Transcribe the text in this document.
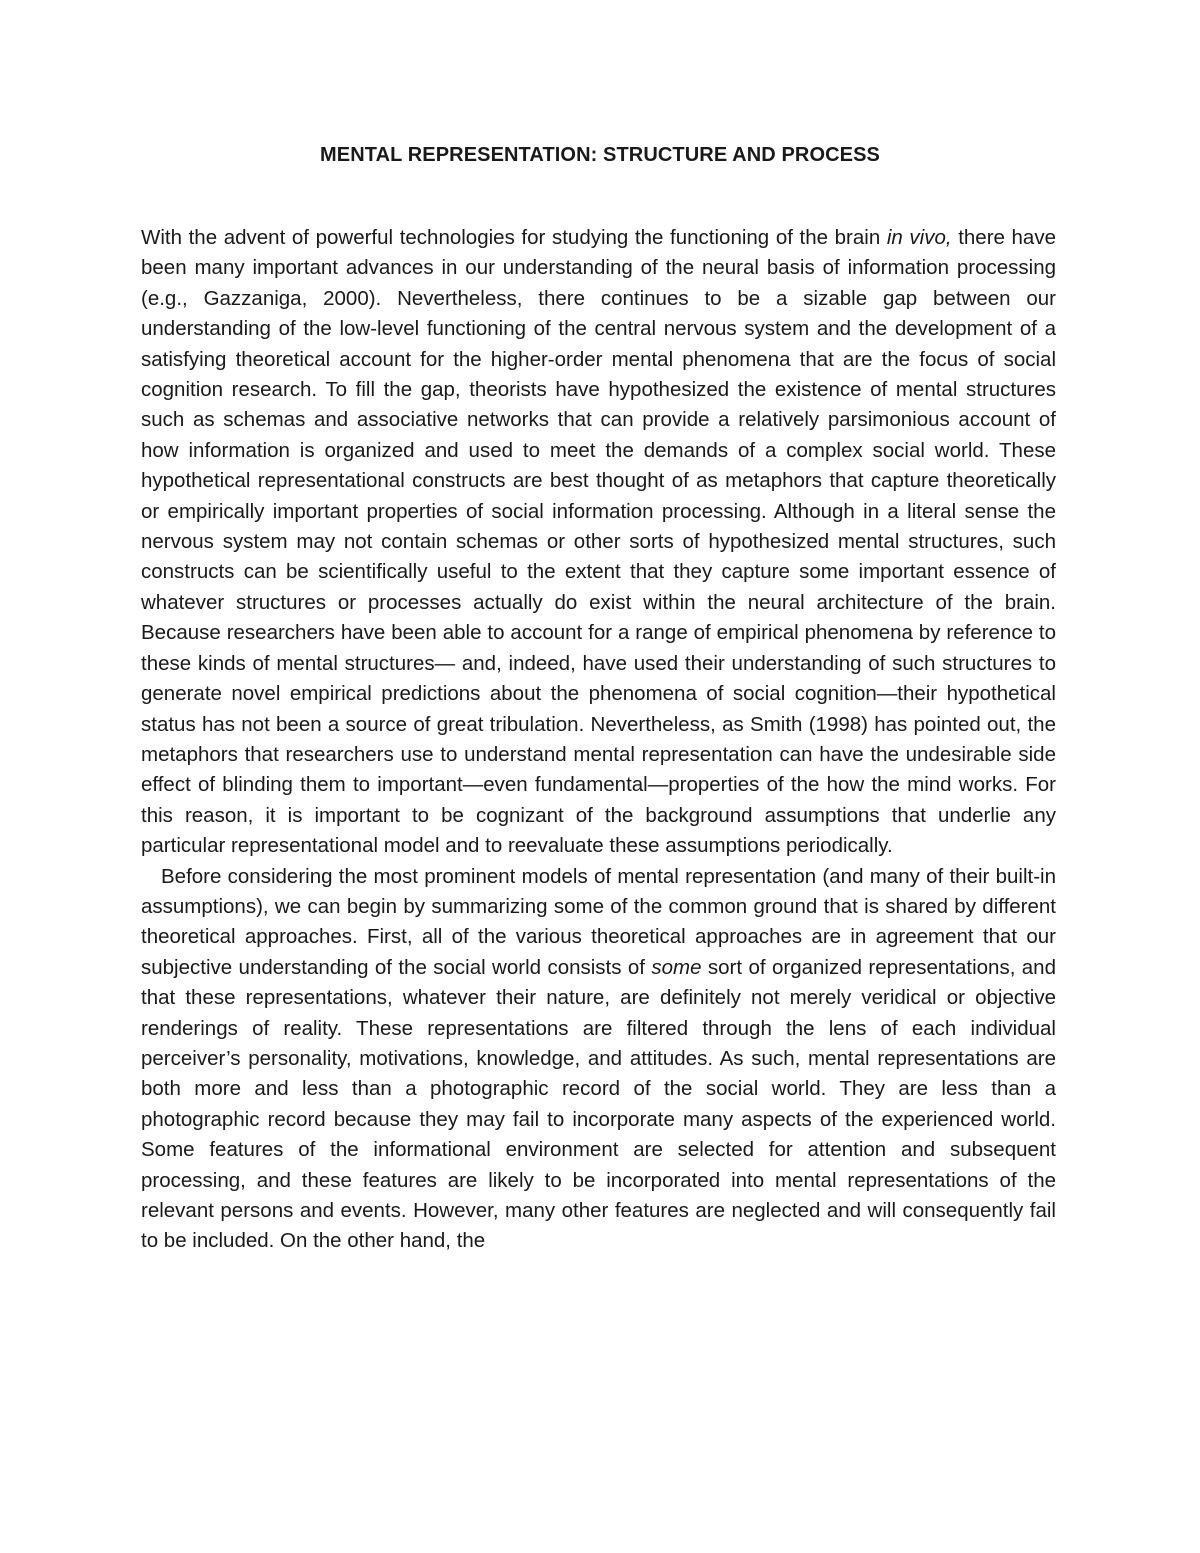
MENTAL REPRESENTATION: STRUCTURE AND PROCESS

With the advent of powerful technologies for studying the functioning of the brain in vivo, there have been many important advances in our understanding of the neural basis of information processing (e.g., Gazzaniga, 2000). Nevertheless, there continues to be a sizable gap between our understanding of the low-level functioning of the central nervous system and the development of a satisfying theoretical account for the higher-order mental phenomena that are the focus of social cognition research. To fill the gap, theorists have hypothesized the existence of mental structures such as schemas and associative networks that can provide a relatively parsimonious account of how information is organized and used to meet the demands of a complex social world. These hypothetical representational constructs are best thought of as metaphors that capture theoretically or empirically important properties of social information processing. Although in a literal sense the nervous system may not contain schemas or other sorts of hypothesized mental structures, such constructs can be scientifically useful to the extent that they capture some important essence of whatever structures or processes actually do exist within the neural architecture of the brain. Because researchers have been able to account for a range of empirical phenomena by reference to these kinds of mental structures— and, indeed, have used their understanding of such structures to generate novel empirical predictions about the phenomena of social cognition—their hypothetical status has not been a source of great tribulation. Nevertheless, as Smith (1998) has pointed out, the metaphors that researchers use to understand mental representation can have the undesirable side effect of blinding them to important—even fundamental—properties of the how the mind works. For this reason, it is important to be cognizant of the background assumptions that underlie any particular representational model and to reevaluate these assumptions periodically.

Before considering the most prominent models of mental representation (and many of their built-in assumptions), we can begin by summarizing some of the common ground that is shared by different theoretical approaches. First, all of the various theoretical approaches are in agreement that our subjective understanding of the social world consists of some sort of organized representations, and that these representations, whatever their nature, are definitely not merely veridical or objective renderings of reality. These representations are filtered through the lens of each individual perceiver’s personality, motivations, knowledge, and attitudes. As such, mental representations are both more and less than a photographic record of the social world. They are less than a photographic record because they may fail to incorporate many aspects of the experienced world. Some features of the informational environment are selected for attention and subsequent processing, and these features are likely to be incorporated into mental representations of the relevant persons and events. However, many other features are neglected and will consequently fail to be included. On the other hand, the
